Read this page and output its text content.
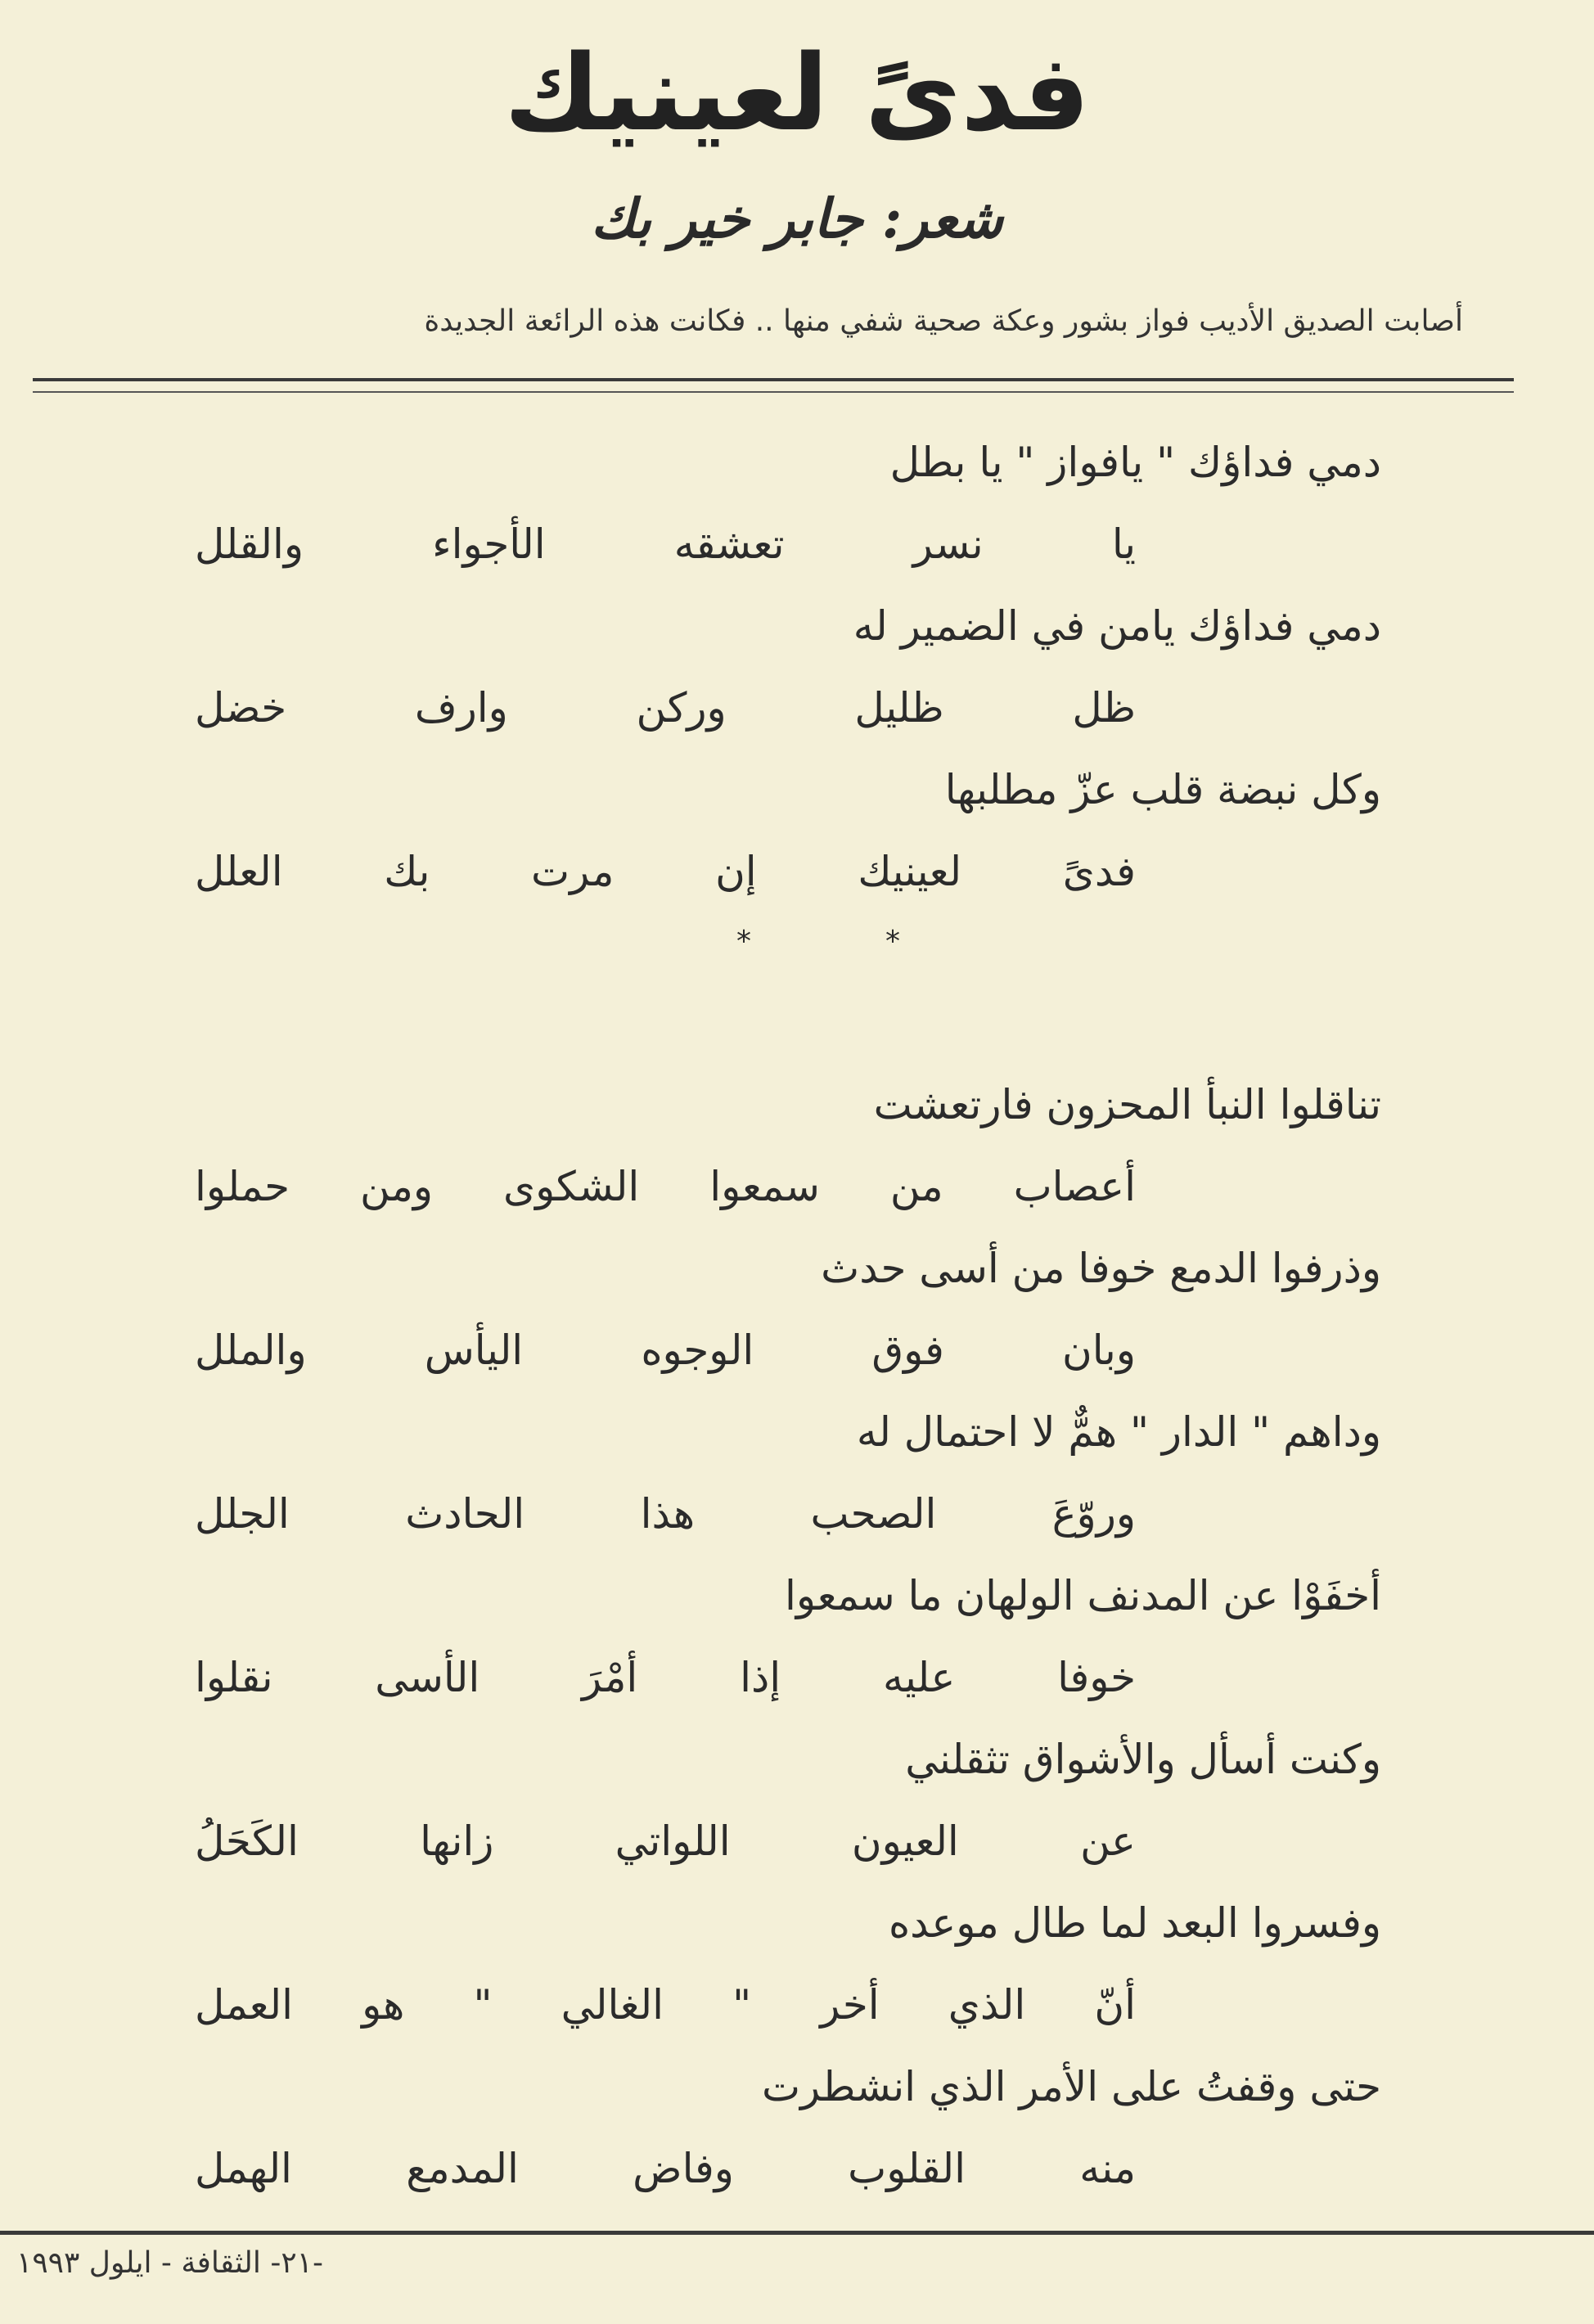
فدىً لعينيك
شعر: جابر خير بك
أصابت الصديق الأديب فواز بشور وعكة صحية شفي منها .. فكانت هذه الرائعة الجديدة
دمي فداؤك " يافواز " يا بطل
يا نسر تعشقه الأجواء والقلل
دمي فداؤك يامن في الضمير له
ظل ظليل وركن وارف خضل
وكل نبضة قلب عزّ مطلبها
فدىً لعينيك إن مرت بك العلل
*	*
تناقلوا النبأ المحزون فارتعشت
أعصاب من سمعوا الشكوى ومن حملوا
وذرفوا الدمع خوفا من أسى حدث
وبان فوق الوجوه اليأس والملل
وداهم " الدار " همٌّ لا احتمال له
وروّعَ الصحب هذا الحادث الجلل
أخفَوْا عن المدنف الولهان ما سمعوا
خوفا عليه إذا أمْرَ الأسى نقلوا
وكنت أسأل والأشواق تثقلني
عن العيون اللواتي زانها الكَحَلُ
وفسروا البعد لما طال موعده
أنّ الذي أخر " الغالي " هو العمل
حتى وقفتُ على الأمر الذي انشطرت
منه القلوب وفاض المدمع الهمل
-٢١- الثقافة - ايلول ١٩٩٣
